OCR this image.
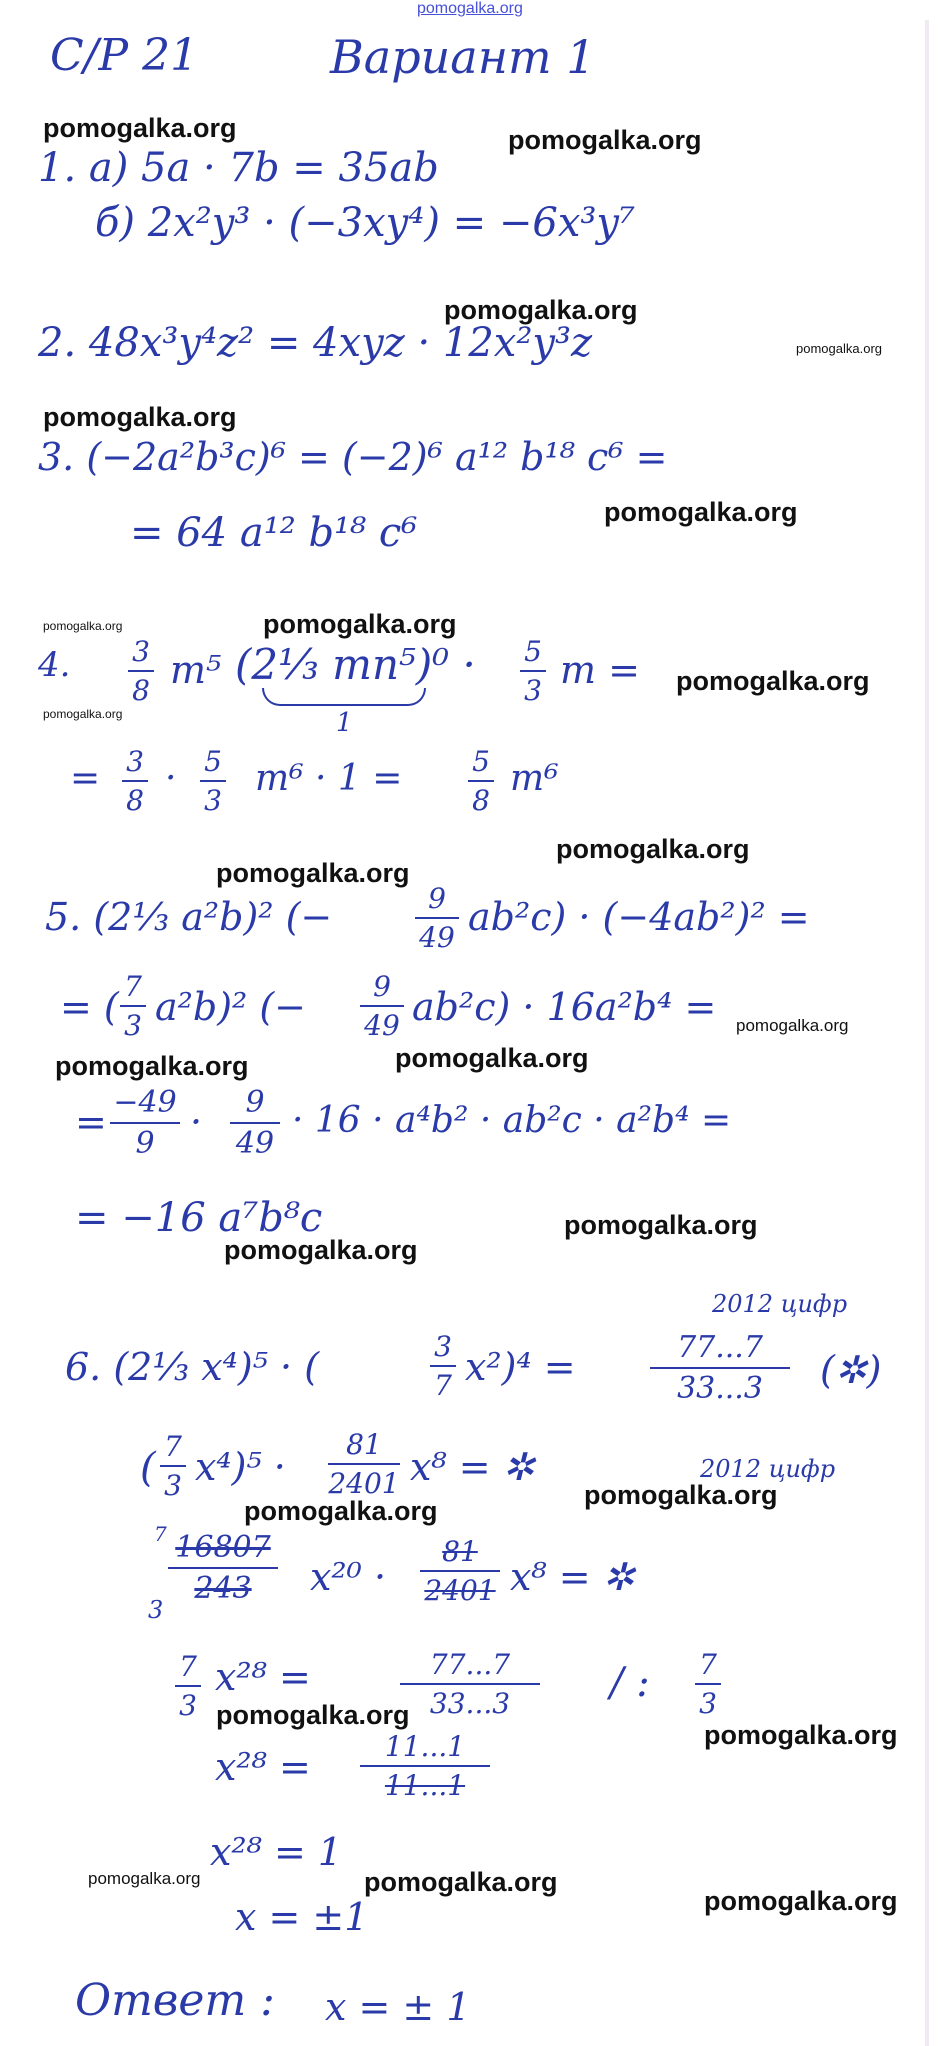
pomogalka.org
С/Р 21	Вариант 1
1. а) 5a · 7b = 35ab
б) 2x²y³ · (−3xy⁴) = −6x³y⁷
2. 48x³y⁴z² = 4xyz · 12x²y³z
3. (−2a²b³c)⁶ = (−2)⁶ a¹² b¹⁸ c⁶ =
= 64 a¹² b¹⁸ c⁶
4. 3
8 m⁵ (2⅓ mn⁵)⁰ ·
1
5
3 m =
= 3
8
· 5
3
m⁶ · 1 = 5
8
m⁶
5. (2⅓ a²b)² (−	9
49 ab²c) · (−4ab²)² =
= ( 7
3 a²b)² (−	9
49 ab²c) · 16a²b⁴ =
= −49
9 ·	9
49
· 16 · a⁴b² · ab²c · a²b⁴ =
= −16 a⁷b⁸c
2012 цифр
6. (2⅓ x⁴)⁵ · (	3
7 x²)⁴ =	77...7
33...3	(✲)
2012 цифр
( 7
3 x⁴)⁵ ·
81
2401 x⁸ = ✲
7 16807
243
3
x²⁰ ·
81
2401 x⁸ = ✲
7
3
x²⁸ =	77...7
33...3	/ : 7
3
x²⁸ =	11...1
11...1
x²⁸ = 1
x = ±1
Ответ : x = ± 1
pomogalka.org	pomogalka.org
pomogalka.org
pomogalka.org
pomogalka.org
pomogalka.org
pomogalka.org	pomogalka.org
pomogalka.org
pomogalka.org
pomogalka.org
pomogalka.org
pomogalka.org
pomogalka.org	pomogalka.org
pomogalka.org
pomogalka.org
pomogalka.org
pomogalka.org
pomogalka.org
pomogalka.org
pomogalka.org	pomogalka.org
pomogalka.org
